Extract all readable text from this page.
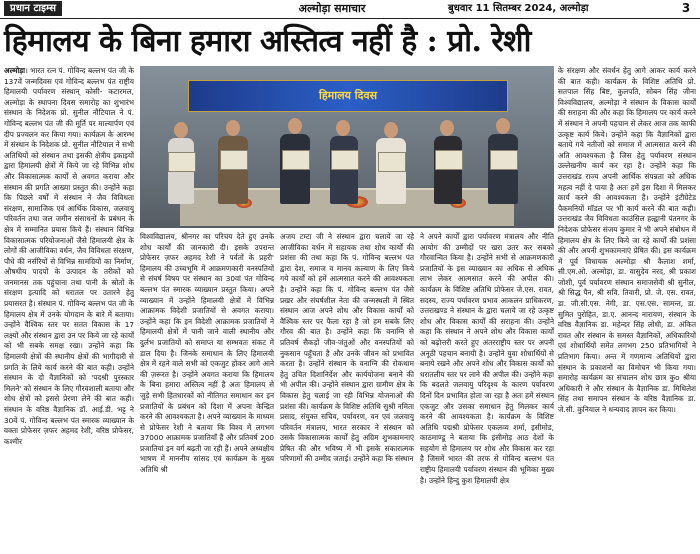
प्रधान टाइम्स	अल्मोड़ा समाचार	बुधवार 11 सितम्बर 2024, अल्मोड़ा	3
हिमालय के बिना हमारा अस्तित्व नहीं है : प्रो. रेशी
अल्मोड़ा। भारत रत्न पं. गोविन्द बल्लभ पंत जी के 137वें जन्मदिवस एवं गोविन्द बल्लभ पंत राष्ट्रीय हिमालयी पर्यावरण संस्थान् कोसी- कटारमल, अल्मोड़ा के स्थापना दिवस समारोह का शुभारंभ संस्थान के निदेशक प्रो. सुनील नौटियाल ने पं. गोविन्द बल्लभ पंत जी की मूर्ति पर माल्यार्पण एवं दीप प्रज्वलन कर किया गया। कार्यक्रम के आरम्भ में संस्थान के निदेशक प्रो. सुनील नौटियाल ने सभी अतिथियों को संस्थान तथा इसकी क्षेत्रीय इकाइयों द्वारा हिमालयी क्षेत्रों में किये जा रहे विभिन्न शोध और विकासात्मक कार्यों से अवगत कराया और संस्थान की प्रगति आख्या प्रस्तुत की। उन्होंने कहा कि पिछले वर्षों में संस्थान ने जैव विविधता संरक्षण, सामाजिक एवं आर्थिक विकास, जलवायु परिवर्तन तथा जल जमीन संसाधनों के प्रबंधन के क्षेत्र में सम्मानित प्रयास किये हैं। संस्थान विभिन्न विकासात्मक परियोजनाओं जैसे हिमालयी क्षेत्र के लोगों की आजीविका वर्धन, जैव विविधता संरक्षण, पौधे की नर्सरियों से विभिन्न सामग्रियों का निर्माण, औषधीय पादपों के उत्पादन के तरीकों को जनमानस तक पहुंचाना तथा पानी के स्रोतों के संरक्षण इत्यादि को धरातल पर उतारने हेतु प्रयासरत है। संस्थान पं. गोविन्द बल्लभ पंत जी के हिमालय क्षेत्र में उनके योगदान के बारे में बताया। उन्होंने वैश्विक स्तर पर सतत विकास के 17 लक्ष्यों और संस्थान द्वारा उन पर किये जा रहे कार्यों को भी सबके समक्ष रखा। उन्होंने कहा कि हिमालयी क्षेत्रों की स्थानीय क्षेत्रों की भागीदारी से प्रगति के लिये कार्य करने की बात कही। उन्होंने संस्थान के दो वैज्ञानिकों को 'पदश्री पुरस्कार मिलने' को संस्थान के लिए गौरवशाली बताया और शोध क्षेत्रों को इससे प्रेरणा लेने की बात कही। संस्थान के वरिष्ठ वैज्ञानिक डॉ. आई.डी. भट्ट ने 30वें पं. गोविन्द बल्लभ पंत स्मारक व्याख्यान के वक्ता प्रोफेसर ज़फर अहमद रेशी, वरिष्ठ प्रोफेसर, कश्मीर
हिमालय दिवस
विश्वविद्यालय, श्रीनगर का परिचय देते हुए उनके शोध कार्यों की जानकारी दी। इसके उपरान्त प्रोफेसर ज़फर अहमद रेशी ने पर्वतों के प्रहरी' हिमालय की उच्चभूमि में आक्रमणकारी वनस्पतियों से संघर्ष विषय पर संस्थान का 30वां पंत गोविन्द बल्लभ पंत स्मारक व्याख्यान प्रस्तुत किया। अपने व्याख्यान में उन्होंने हिमालयी क्षेत्रों में विभिन्न आक्रामक विदेशी प्रजातियों से अवगत कराया। उन्होंने कहा कि इन विदेशी आक्रामक प्रजातियों ने हिमालयी क्षेत्रों में पानी जाने वाली स्थानीय और दुर्लभ प्रजातियों को समाप्त या सम्भवतः संकट में डाल दिया है। जिनके समाधान के लिए हिमालयी क्षेत्र में रहने वाले सभी को एकजुट होकर आगे आने की ज़रूरत है। उन्होंने अवगत कराया कि हिमालय के बिना हमारा अस्तित्व नहीं है अतः हिमालय से जुड़े सभी हितधारकों को नीतिगत समाधान कर इन प्रजातियों के प्रबंधन को दिशा में अपना केन्द्रित करने की आवश्यकता है। अपने व्याख्यान के माध्यम से प्रोफेसर रेशी ने बताया कि विश्व में लगभग 37000 आक्रामक प्रजातियाँ हैं और प्रतिवर्ष 200 प्रजातियां इन वर्ग बढ़ती जा रही हैं। अपने अध्यक्षीय भाषण में माननीय सांसद एवं कार्यक्रम के मुख्य अतिथि श्री
अजय टम्टा जी ने संस्थान द्वारा चलाये जा रहे आजीविका वर्धन में सहायक तथा शोध कार्यों की प्रशंसा की तथा कहा कि पं. गोविन्द बल्लभ पंत द्वारा देश, समाज व मानव कल्याण के लिए किये गये कार्यों को हमें आत्मसात करने की आवश्यकता है। उन्होंने कहा कि पं. गोविन्द बल्लभ पंत जैसे प्रखर और संघर्षशील नेता की जन्मस्थली में स्थित संस्थान आज अपने शोध और विकास कार्यों को वैश्विक स्तर पर फैला रहा है जो हम सबके लिए गौरव की बात है। उन्होंने कहा कि वनाग्नि से प्रतिवर्ष सैकड़ों जीव-जंतुओं और वनस्पतियों को नुकसान पहुँचता है और उनके जीवन को प्रभावित करता है। उन्होंने संस्थान के वनाग्नि की रोकथाम हेतु उचित दिशानिर्देश और कार्ययोजना बनाने की भी अपील की। उन्होंने संस्थान द्वारा ग्रामीण क्षेत्र के विकास हेतु चलाई जा रही विभिन्न योजनाओं की प्रशंसा की। कार्यक्रम के विशिष्ट अतिथि सुश्री नमिता प्रसाद, संयुक्त सचिव, पर्यावरण, वन एवं जलवायु परिवर्तन मंत्रालय, भारत सरकार ने संस्थान को उसके विकासात्मक कार्यों हेतु अग्रिम शुभकामनाएं प्रेषित की और भविष्य में भी इसके सकारात्मक परिणामों की उम्मीद जताई। उन्होंने कहा कि संस्थान
ने अपने कार्यों द्वारा पर्यावरण मंत्रालय और नीति आयोग की उम्मीदों पर खरा उतर कर सबको गौरवान्वित किया है। उन्होंने सभी से आक्रमणकारी प्रजातियों के इस व्याख्यान का अधिक से अधिक लाभ लेकर आत्मसात करने की अपील की। कार्यक्रम के विशिष्ट अतिथि प्रोफेसर जे.एस. रावत, सदस्य, राज्य पर्यावरण प्रभाव आकलन प्राधिकरण, उत्तराखण्ड ने संस्थान के द्वारा चलाये जा रहे उत्कृष्ट शोध और विकास कार्यों की सराहना की। उन्होंने कहा कि संस्थान ने अपने शोध और विकास कार्यों को बढ़ोत्तरी करते हुए अंतरराष्ट्रीय स्तर पर अपनी अनूठी पहचान बनायी है। उन्होंने युवा शोधार्थियों से बनाये रखने और अपने शोध और विकास कार्यों को धरातलीय स्तर पर लाने की अपील की। उन्होंने कहा कि बदलते जलवायु परिदृश्य के कारण पर्यावरण दिनों दिन प्रभावित होता जा रहा है अतः हमें संस्थान एकजुट और उसका समाधान हेतु मिलकर कार्य करने की आवश्यकता है। कार्यक्रम के विशिष्ट अतिथि पद्मश्री प्रोफेसर एकलव्य शर्मा, इसीमोड, काठमाण्डू ने बताया कि इसीमोड़ आठ देशों के सहयोग से हिमालय पर शोध और विकास कर रहा है जिसमें भारत की तरफ से गोविन्द बल्लभ पंत राष्ट्रीय हिमालयी पर्यावरण संस्थान की भूमिका मुख्य है। उन्होंने हिन्दु कुश हिमालयी क्षेत्र
के संरक्षण और संवर्धन हेतु आगे आकर कार्य करने की बात कही। कार्यक्रम के विशिष्ट अतिथि प्रो. सतपाल सिंह बिष्ट, कुलपति, सोबन सिंह जीना विश्वविद्यालय, अल्मोड़ा ने संस्थान के विकास कार्यों की सराहना की और कहा कि हिमालय पर कार्य करने में संस्थान ने अपनी पहचान से लेकर आज तक काफी उत्कृष्ट कार्य किये। उन्होंने कहा कि वैज्ञानिकों द्वारा बताये गये नतीजों को समाज में आत्मसात करने की अति आवश्यकता है जिस हेतु पर्यावरण संस्थान उल्लेखनीय कार्य कर रहा है। उन्होंने कहा कि उत्तराखंड राज्य अपनी आर्थिक संपन्नता को अधिक महत्व नहीं दे पाया है अतः हमें इस दिशा में मिलकर कार्य करने की आवश्यकता है। उन्होंने इंटीग्रेटेड पैकमनियों मॉडल पर भी कार्य करने की बात कही। उत्तराखंड जैव विविधता काउंसिल हल्द्वानी पंतनगर के निदेशक प्रोफेसर संजय कुमार ने भी अपने संबोधन में हिमालय क्षेत्र के लिए किये जा रहे कार्यों की प्रशंसा की और अपनी शुभकामनाएं प्रेषित की। इस कार्यक्रम में पूर्व विधायक अल्मोड़ा श्री कैलाश शर्मा, सी.एम.ओ. अल्मोड़ा, डा. वासुदेव नरद, श्री प्रकाश जोशी, पूर्व पर्यावरण संस्थान समाजसेवी श्री सुनील, श्री सिद्ध पैन, श्री सवि. तिवारी, प्रो. जे. एस. रावत, डा. जी.सी.एस. नेगी, डा. एस.एस. सामन्त, डा. सुमित पुरोहित, डा.ए. आनन्द नारायण, संस्थान के वरिष्ठ वैज्ञानिक डा. महेन्दर सिंह लोधी, डा. अंकित रावत और संस्थान के समस्त वैज्ञानिकों, अधिकारियों एवं शोधार्थियों समेत लगभग 250 प्रतिभागियों ने प्रतिभाग किया। अन्त में गणमान्य अतिथियों द्वारा संस्थान के प्रकाशनों का विमोचन भी किया गया। समारोह कार्यक्रम का संचालन शोध छात्र कुo श्रीया अधिकारी ने और संस्थान के वैज्ञानिक डा. मिथिलेश सिंह तथा समापन संस्थान के वरिष्ठ वैज्ञानिक डा. जे.सी. कुनियाल ने धन्यवाद ज्ञापन कर किया।
